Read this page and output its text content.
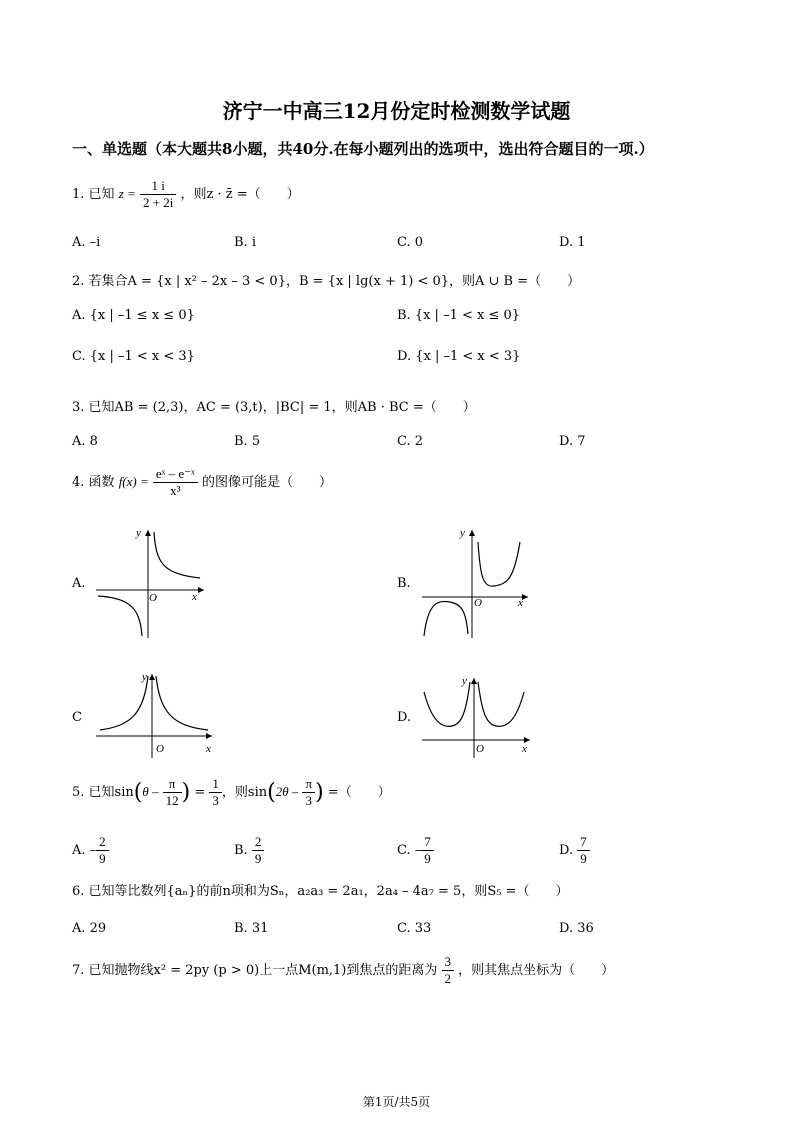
济宁一中高三12月份定时检测数学试题
一、单选题（本大题共8小题，共40分.在每小题列出的选项中，选出符合题目的一项.）
1. 已知 $z = \frac{1 i}{2 + 2i}$ ，则z · z̄ =（　　）
A. –i	B. i	C. 0	D. 1
2. 若集合A = {x | x² – 2x – 3 < 0}，B = {x | lg(x + 1) < 0}，则A ∪ B =（　　）
A. {x | –1 ≤ x ≤ 0}	B. {x | –1 < x ≤ 0}
C. {x | –1 < x < 3}	D. {x | –1 < x < 3}
3. 已知AB = (2,3)，AC = (3,t)，|BC| = 1，则AB · BC =（　　）
A. 8	B. 5	C. 2	D. 7
4. 函数 $f(x) = \frac{\text{eˣ – e⁻ˣ}}{\text{x³}}$ 的图像可能是（　　）
A.	B.
C	D.
y
x
O
y
x
O
y
x
O
y
x
O
5. 已知$\sin(\theta - \frac{\pi}{12}$ ) = $\frac{1}{3}$ ，则$\sin(2\theta - \frac{\pi}{3}$ ) =（　　）
A. – $\frac{2}{9}$	B. $\frac{2}{9}$	C. – $\frac{7}{9}$	D. $\frac{7}{9}$
6. 已知等比数列{aₙ}的前n项和为Sₙ，a₂a₃ = 2a₁，2a₄ – 4a₇ = 5，则S₅ =（　　）
A. 29	B. 31	C. 33	D. 36
7. 已知抛物线x² = 2py (p > 0)上一点M(m,1)到焦点的距离为 $\frac{3}{2}$ ，则其焦点坐标为（　　）
第1页/共5页
